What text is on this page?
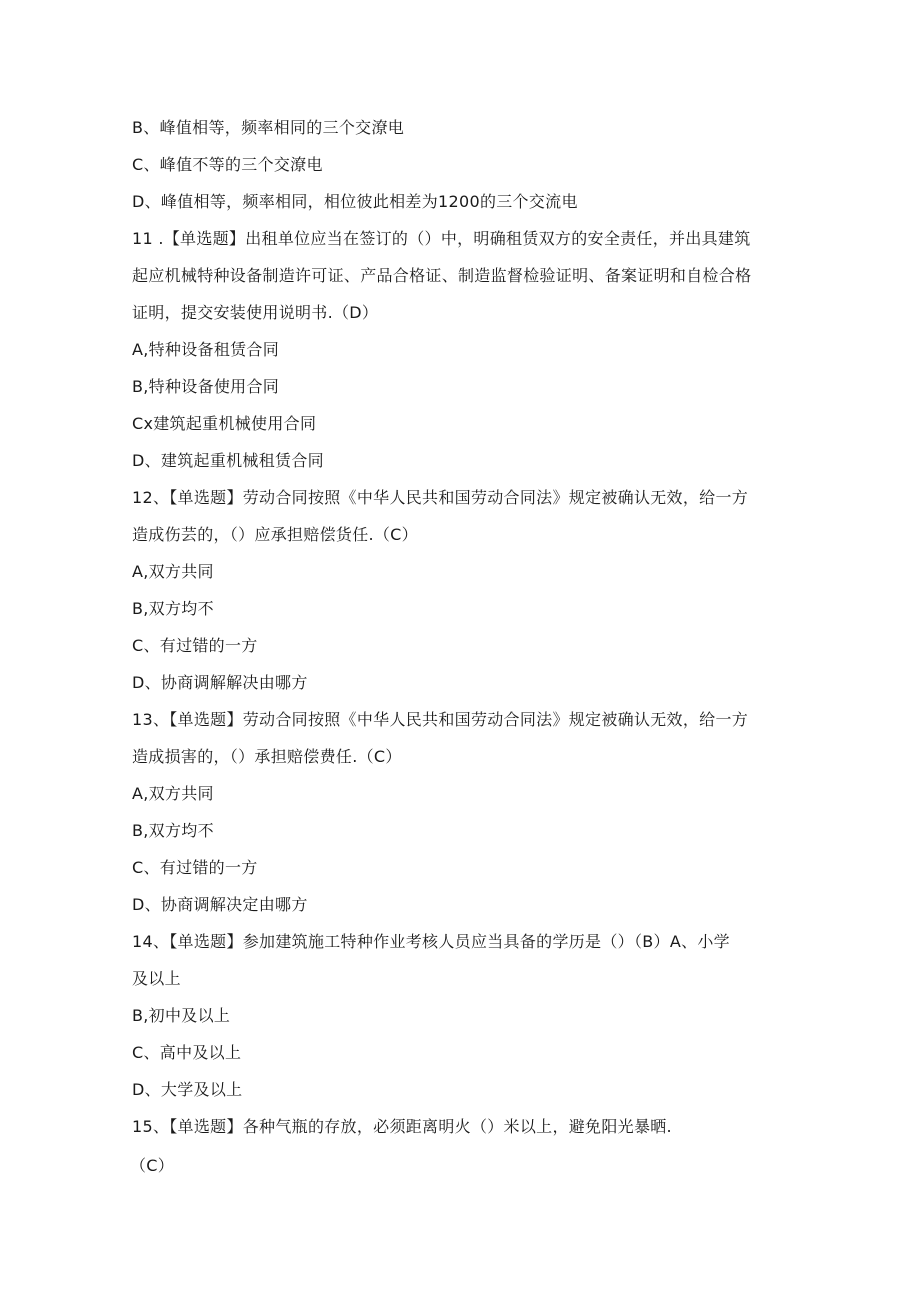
B、峰值相等，频率相同的三个交潦电
C、峰值不等的三个交潦电
D、峰值相等，频率相同，相位彼此相差为1200的三个交流电
11 .【单选题】出租单位应当在签订的（）中，明确租赁双方的安全责任，并出具建筑
起应机械特种设备制造许可证、产品合格证、制造监督检验证明、备案证明和自检合格
证明，提交安装使用说明书.（D）
A,特种设备租赁合同
B,特种设备使用合同
Cx建筑起重机械使用合同
D、建筑起重机械租赁合同
12、【单选题】劳动合同按照《中华人民共和国劳动合同法》规定被确认无效，给一方
造成伤芸的，（）应承担赔偿货任.（C）
A,双方共同
B,双方均不
C、有过错的一方
D、协商调解解决由哪方
13、【单选题】劳动合同按照《中华人民共和国劳动合同法》规定被确认无效，给一方
造成损害的，（）承担赔偿费任.（C）
A,双方共同
B,双方均不
C、有过错的一方
D、协商调解决定由哪方
14、【单选题】参加建筑施工特种作业考核人员应当具备的学历是（）（B）A、小学
及以上
B,初中及以上
C、高中及以上
D、大学及以上
15、【单选题】各种气瓶的存放，必须距离明火（）米以上，避免阳光暴晒.
（C）
